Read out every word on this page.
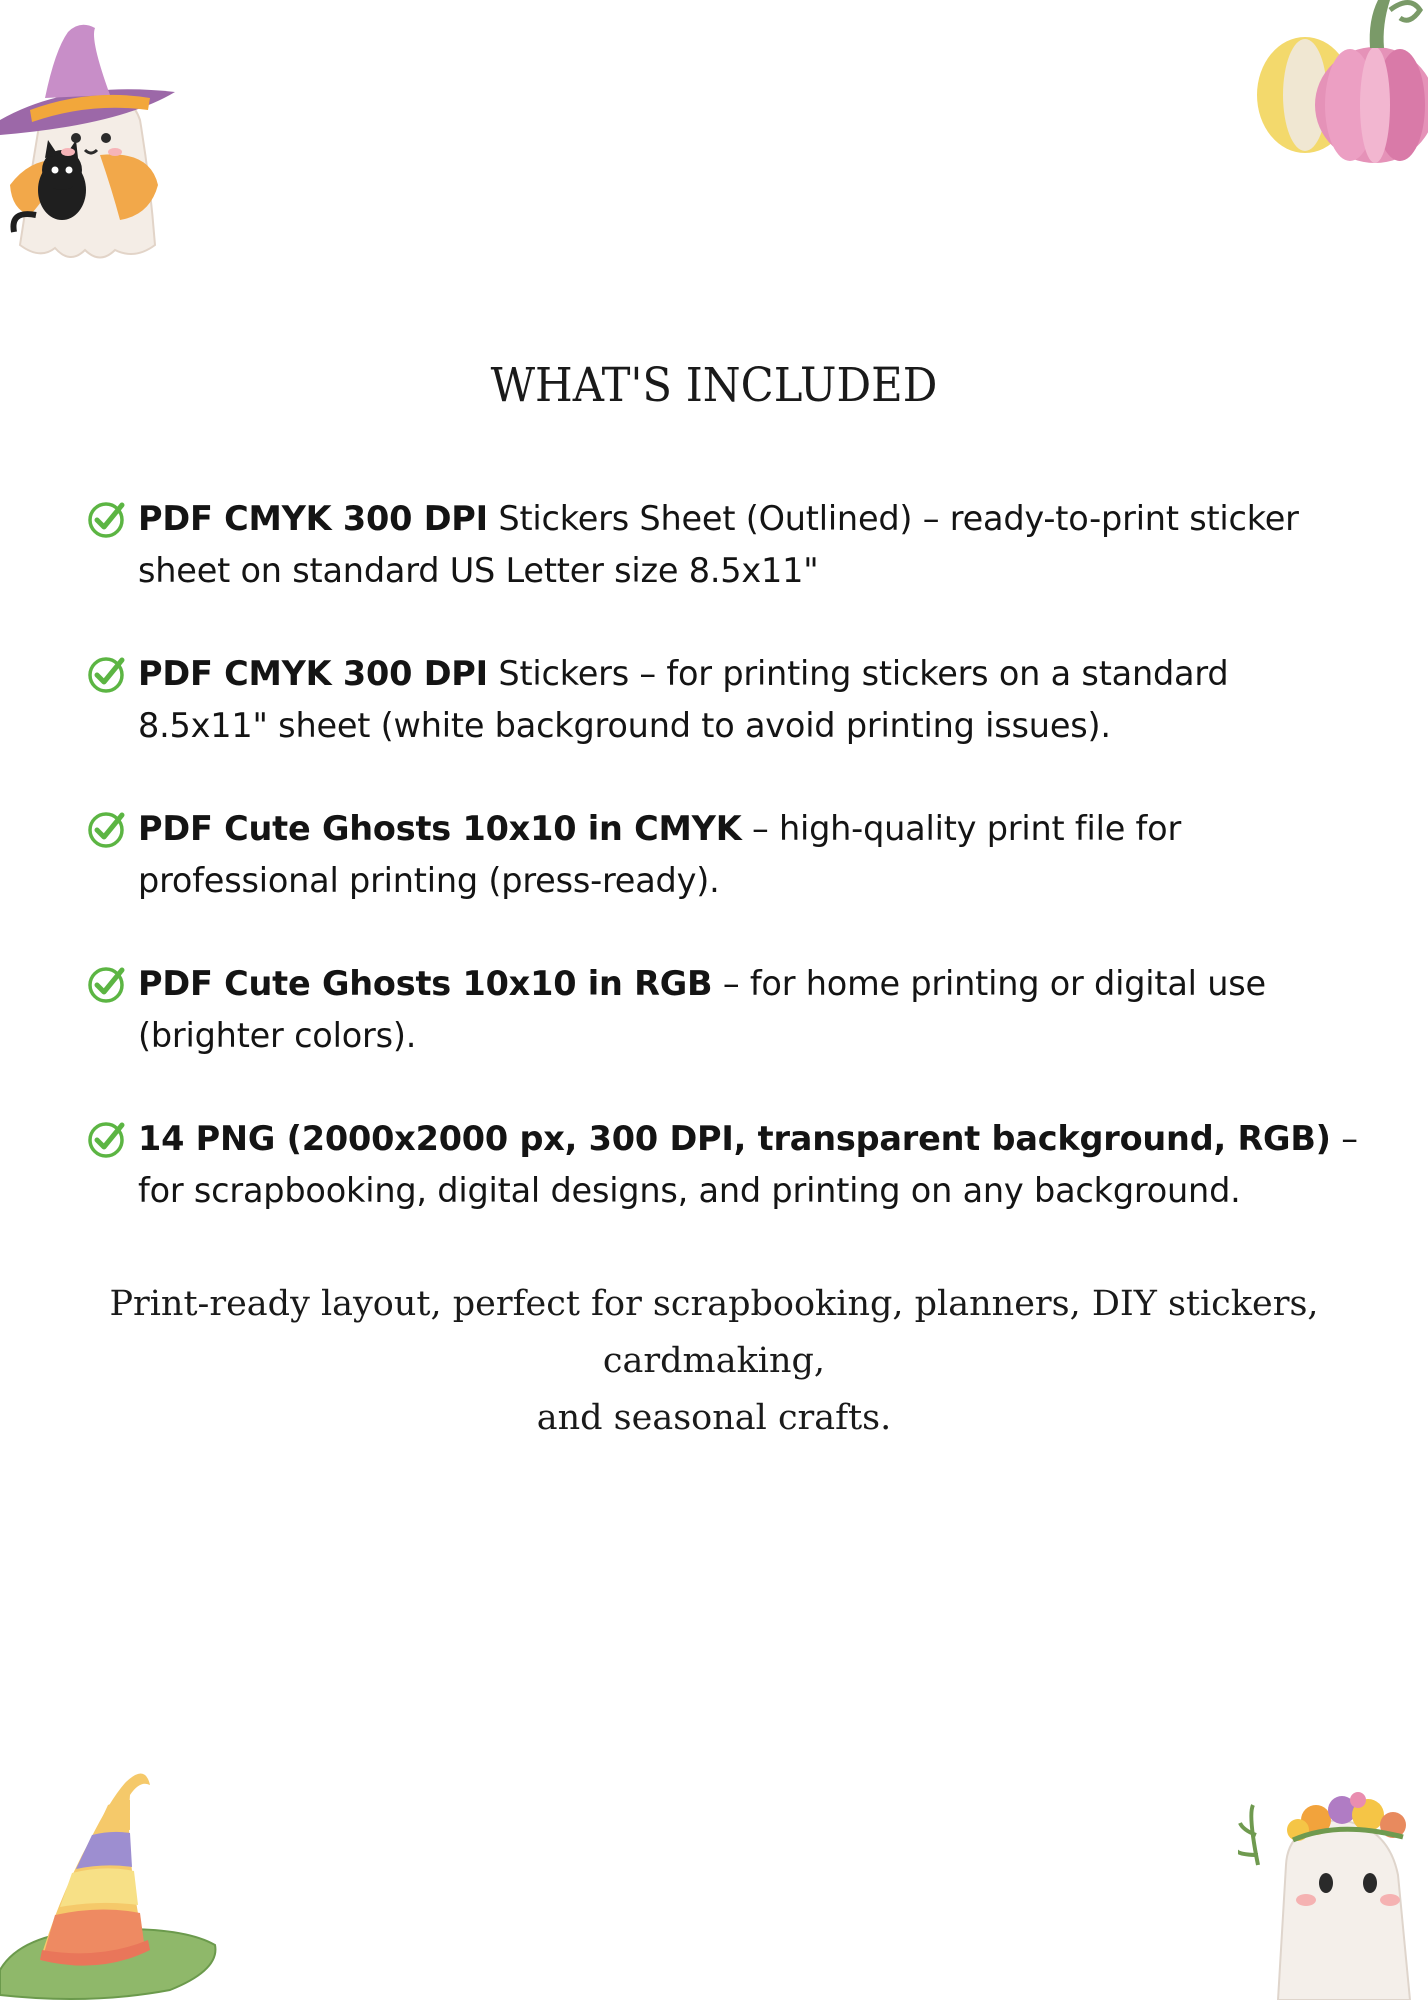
WHAT'S INCLUDED
PDF CMYK 300 DPI Stickers Sheet (Outlined) – ready-to-print sticker sheet on standard US Letter size 8.5x11"
PDF CMYK 300 DPI Stickers – for printing stickers on a standard 8.5x11" sheet (white background to avoid printing issues).
PDF Cute Ghosts 10x10 in CMYK – high-quality print file for professional printing (press-ready).
PDF Cute Ghosts 10x10 in RGB – for home printing or digital use (brighter colors).
14 PNG (2000x2000 px, 300 DPI, transparent background, RGB) – for scrapbooking, digital designs, and printing on any background.
Print-ready layout, perfect for scrapbooking, planners, DIY stickers,
cardmaking,
and seasonal crafts.
